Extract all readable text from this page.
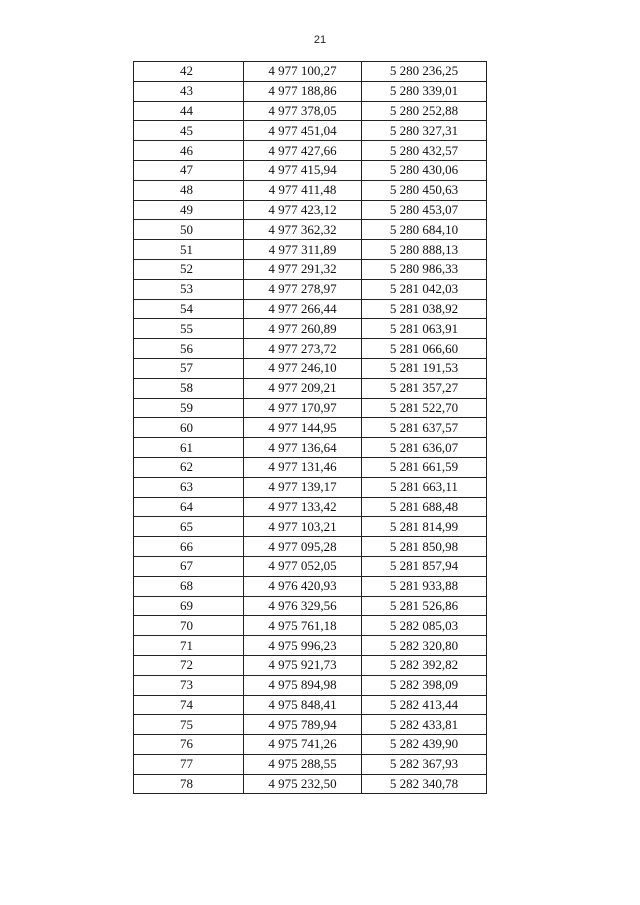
21
42	4 977 100,27	5 280 236,25
43	4 977 188,86	5 280 339,01
44	4 977 378,05	5 280 252,88
45	4 977 451,04	5 280 327,31
46	4 977 427,66	5 280 432,57
47	4 977 415,94	5 280 430,06
48	4 977 411,48	5 280 450,63
49	4 977 423,12	5 280 453,07
50	4 977 362,32	5 280 684,10
51	4 977 311,89	5 280 888,13
52	4 977 291,32	5 280 986,33
53	4 977 278,97	5 281 042,03
54	4 977 266,44	5 281 038,92
55	4 977 260,89	5 281 063,91
56	4 977 273,72	5 281 066,60
57	4 977 246,10	5 281 191,53
58	4 977 209,21	5 281 357,27
59	4 977 170,97	5 281 522,70
60	4 977 144,95	5 281 637,57
61	4 977 136,64	5 281 636,07
62	4 977 131,46	5 281 661,59
63	4 977 139,17	5 281 663,11
64	4 977 133,42	5 281 688,48
65	4 977 103,21	5 281 814,99
66	4 977 095,28	5 281 850,98
67	4 977 052,05	5 281 857,94
68	4 976 420,93	5 281 933,88
69	4 976 329,56	5 281 526,86
70	4 975 761,18	5 282 085,03
71	4 975 996,23	5 282 320,80
72	4 975 921,73	5 282 392,82
73	4 975 894,98	5 282 398,09
74	4 975 848,41	5 282 413,44
75	4 975 789,94	5 282 433,81
76	4 975 741,26	5 282 439,90
77	4 975 288,55	5 282 367,93
78	4 975 232,50	5 282 340,78
